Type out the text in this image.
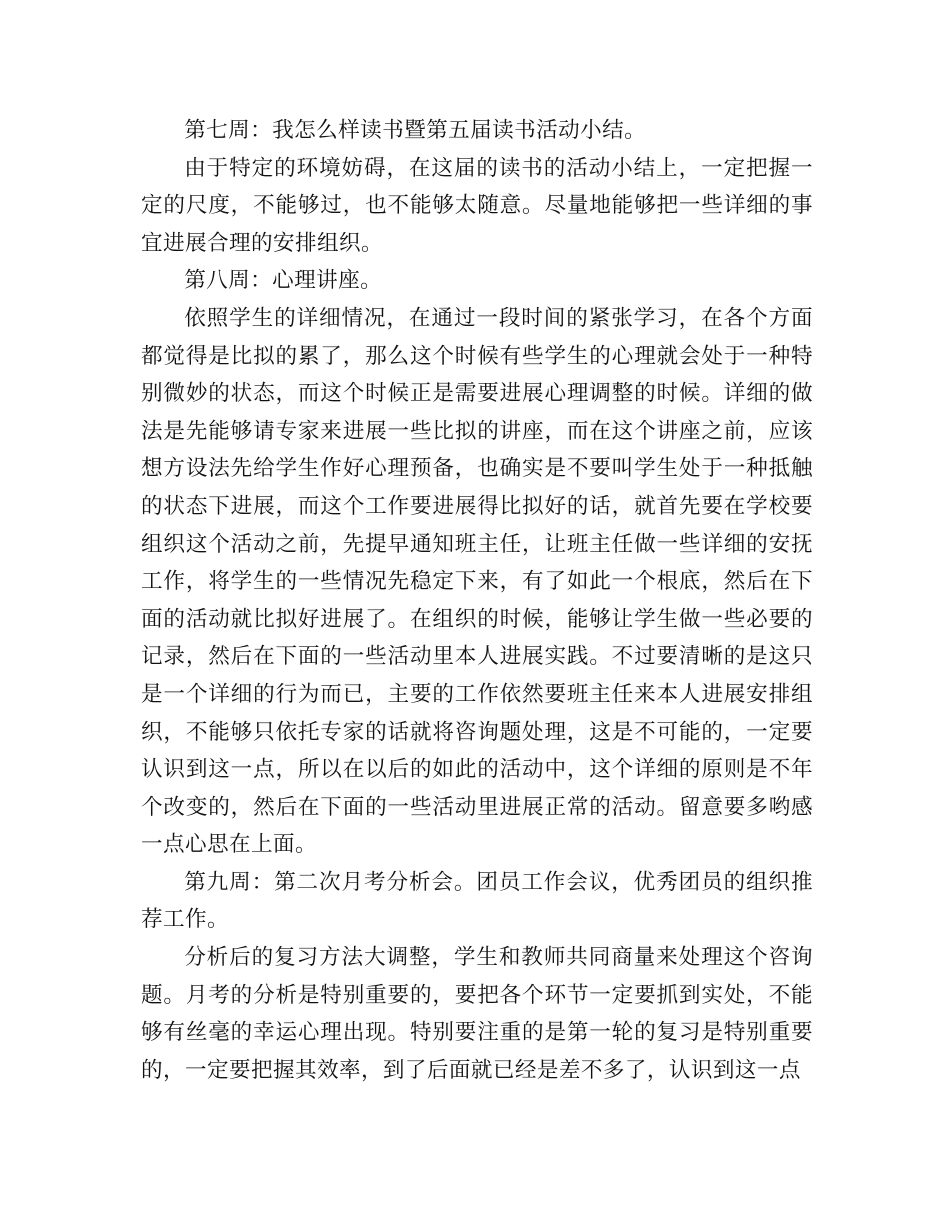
第七周：我怎么样读书暨第五届读书活动小结。

由于特定的环境妨碍，在这届的读书的活动小结上，一定把握一定的尺度，不能够过，也不能够太随意。尽量地能够把一些详细的事宜进展合理的安排组织。

第八周：心理讲座。

依照学生的详细情况，在通过一段时间的紧张学习，在各个方面都觉得是比拟的累了，那么这个时候有些学生的心理就会处于一种特别微妙的状态，而这个时候正是需要进展心理调整的时候。详细的做法是先能够请专家来进展一些比拟的讲座，而在这个讲座之前，应该想方设法先给学生作好心理预备，也确实是不要叫学生处于一种抵触的状态下进展，而这个工作要进展得比拟好的话，就首先要在学校要组织这个活动之前，先提早通知班主任，让班主任做一些详细的安抚工作，将学生的一些情况先稳定下来，有了如此一个根底，然后在下面的活动就比拟好进展了。在组织的时候，能够让学生做一些必要的记录，然后在下面的一些活动里本人进展实践。不过要清晰的是这只是一个详细的行为而已，主要的工作依然要班主任来本人进展安排组织，不能够只依托专家的话就将咨询题处理，这是不可能的，一定要认识到这一点，所以在以后的如此的活动中，这个详细的原则是不年个改变的，然后在下面的一些活动里进展正常的活动。留意要多哟感一点心思在上面。

第九周：第二次月考分析会。团员工作会议，优秀团员的组织推荐工作。

分析后的复习方法大调整，学生和教师共同商量来处理这个咨询题。月考的分析是特别重要的，要把各个环节一定要抓到实处，不能够有丝毫的幸运心理出现。特别要注重的是第一轮的复习是特别重要的，一定要把握其效率，到了后面就已经是差不多了，认识到这一点
